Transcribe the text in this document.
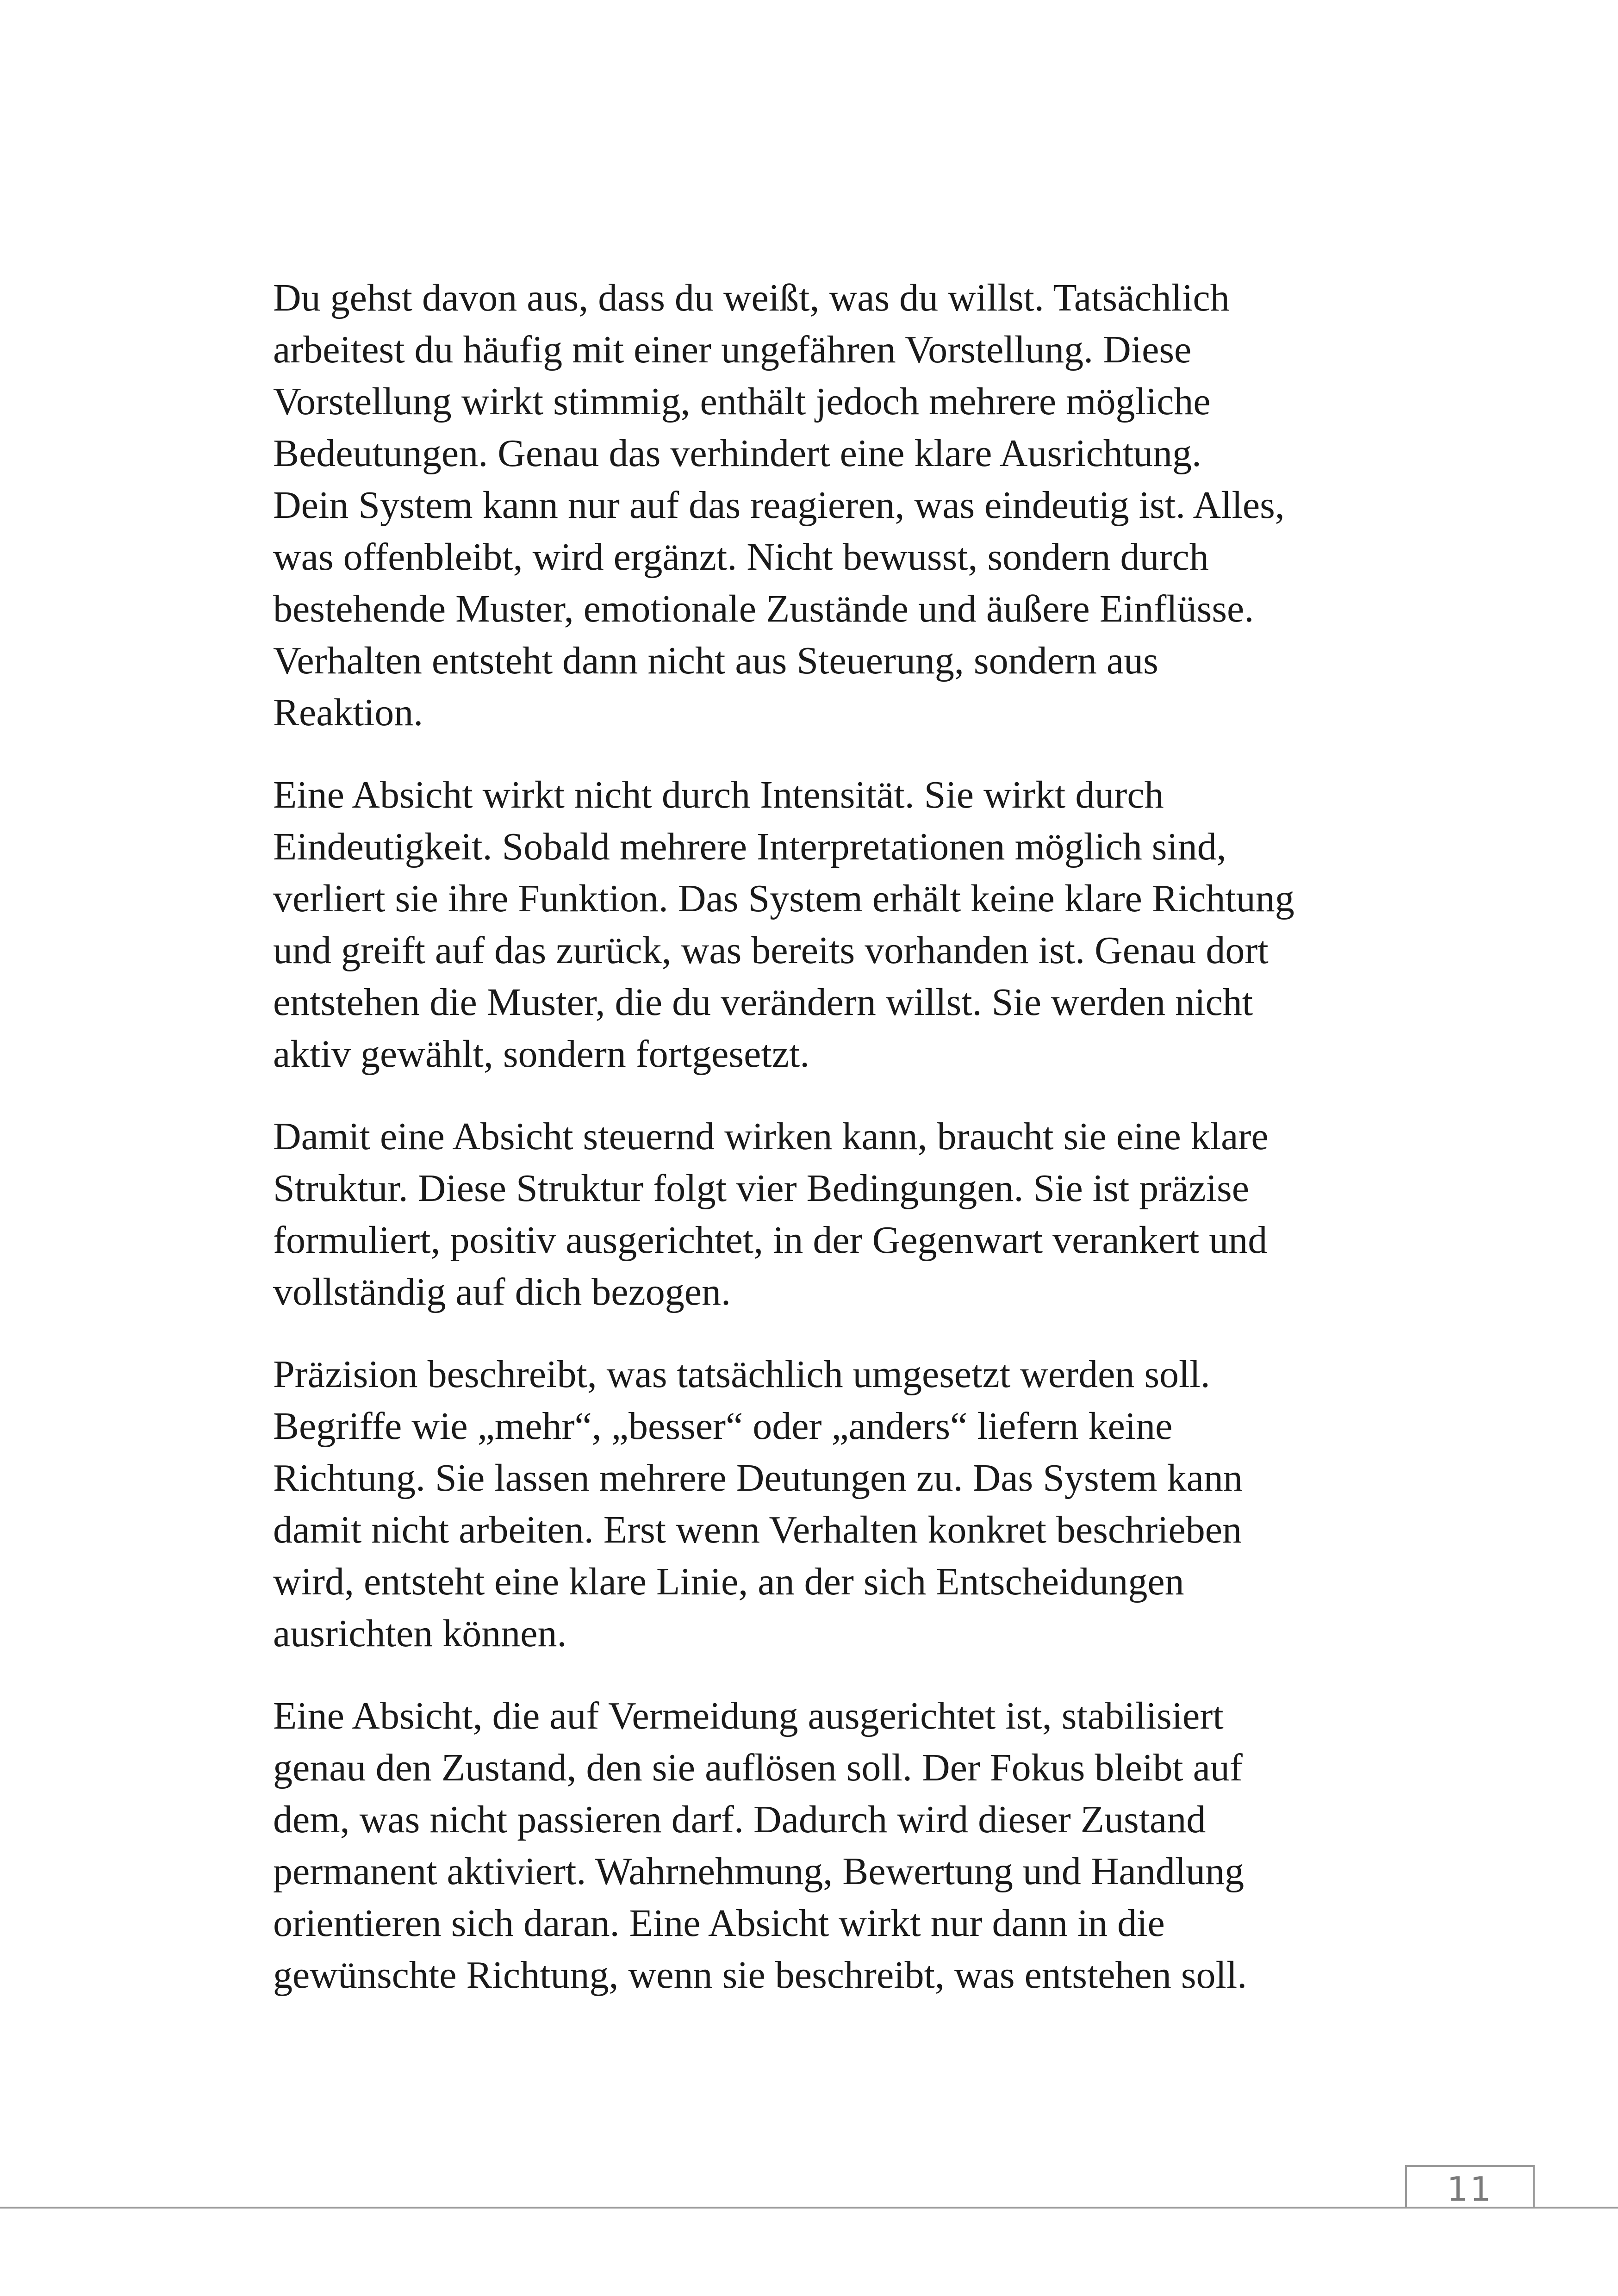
Du gehst davon aus, dass du weißt, was du willst. Tatsächlich
arbeitest du häufig mit einer ungefähren Vorstellung. Diese
Vorstellung wirkt stimmig, enthält jedoch mehrere mögliche
Bedeutungen. Genau das verhindert eine klare Ausrichtung.
Dein System kann nur auf das reagieren, was eindeutig ist. Alles,
was offenbleibt, wird ergänzt. Nicht bewusst, sondern durch
bestehende Muster, emotionale Zustände und äußere Einflüsse.
Verhalten entsteht dann nicht aus Steuerung, sondern aus
Reaktion.

Eine Absicht wirkt nicht durch Intensität. Sie wirkt durch
Eindeutigkeit. Sobald mehrere Interpretationen möglich sind,
verliert sie ihre Funktion. Das System erhält keine klare Richtung
und greift auf das zurück, was bereits vorhanden ist. Genau dort
entstehen die Muster, die du verändern willst. Sie werden nicht
aktiv gewählt, sondern fortgesetzt.

Damit eine Absicht steuernd wirken kann, braucht sie eine klare
Struktur. Diese Struktur folgt vier Bedingungen. Sie ist präzise
formuliert, positiv ausgerichtet, in der Gegenwart verankert und
vollständig auf dich bezogen.

Präzision beschreibt, was tatsächlich umgesetzt werden soll.
Begriffe wie „mehr“, „besser“ oder „anders“ liefern keine
Richtung. Sie lassen mehrere Deutungen zu. Das System kann
damit nicht arbeiten. Erst wenn Verhalten konkret beschrieben
wird, entsteht eine klare Linie, an der sich Entscheidungen
ausrichten können.

Eine Absicht, die auf Vermeidung ausgerichtet ist, stabilisiert
genau den Zustand, den sie auflösen soll. Der Fokus bleibt auf
dem, was nicht passieren darf. Dadurch wird dieser Zustand
permanent aktiviert. Wahrnehmung, Bewertung und Handlung
orientieren sich daran. Eine Absicht wirkt nur dann in die
gewünschte Richtung, wenn sie beschreibt, was entstehen soll.

11
